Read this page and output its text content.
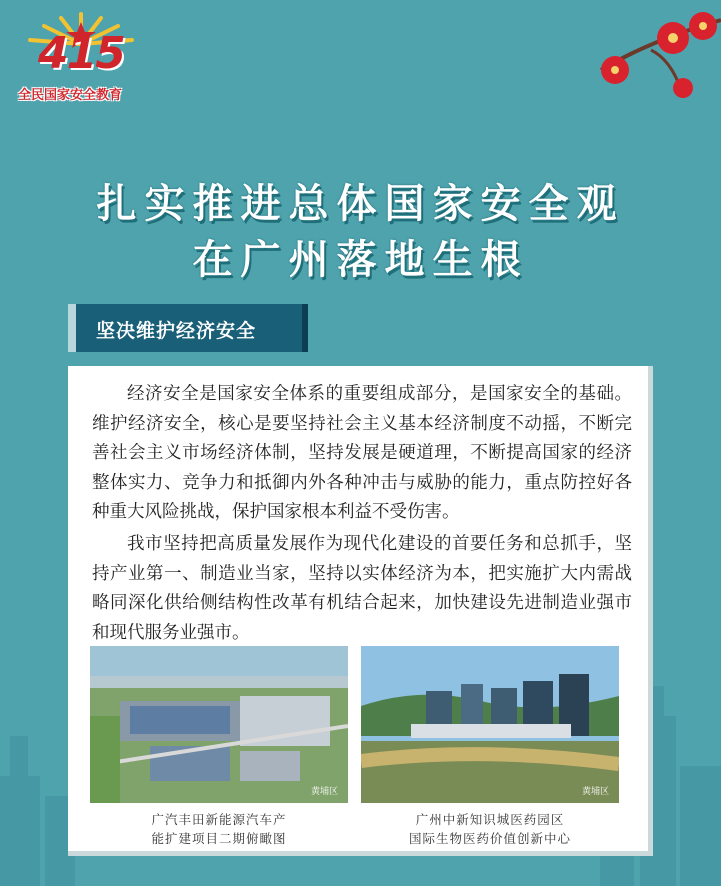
415
全民国家安全教育
扎实推进总体国家安全观
在广州落地生根
坚决维护经济安全

经济安全是国家安全体系的重要组成部分，是国家安全的基础。维护经济安全，核心是要坚持社会主义基本经济制度不动摇，不断完善社会主义市场经济体制，坚持发展是硬道理，不断提高国家的经济整体实力、竞争力和抵御内外各种冲击与威胁的能力，重点防控好各种重大风险挑战，保护国家根本利益不受伤害。

我市坚持把高质量发展作为现代化建设的首要任务和总抓手，坚持产业第一、制造业当家，坚持以实体经济为本，把实施扩大内需战略同深化供给侧结构性改革有机结合起来，加快建设先进制造业强市和现代服务业强市。

黄埔区
广汽丰田新能源汽车产
能扩建项目二期俯瞰图
黄埔区
广州中新知识城医药园区
国际生物医药价值创新中心
